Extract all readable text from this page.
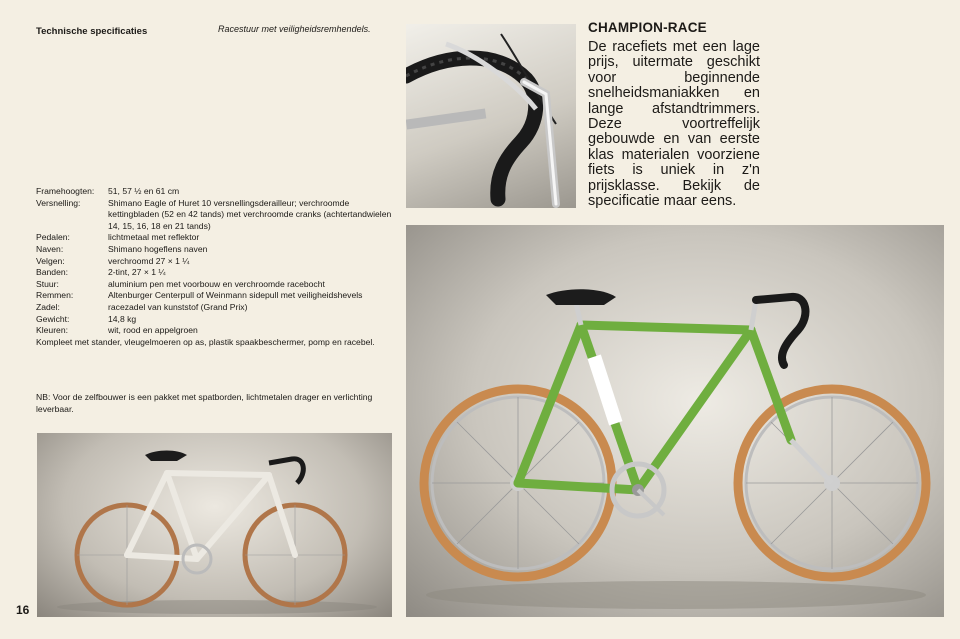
Technische specificaties	Racestuur met veiligheidsremhendels.
Framehoogten:	51, 57 ½ en 61 cm
Versnelling:	Shimano Eagle of Huret 10 versnellingsderailleur; verchroomde kettingbladen (52 en 42 tands) met verchroomde cranks (achtertandwielen 14, 15, 16, 18 en 21 tands)
Pedalen:	lichtmetaal met reflektor
Naven:	Shimano hogeflens naven
Velgen:	verchroomd 27 × 1 ¼
Banden:	2-tint, 27 × 1 ¼
Stuur:	aluminium pen met voorbouw en verchroomde racebocht
Remmen:	Altenburger Centerpull of Weinmann sidepull met veiligheidshevels
Zadel:	racezadel van kunststof (Grand Prix)
Gewicht:	14,8 kg
Kleuren:	wit, rood en appelgroen
Kompleet met stander, vleugelmoeren op as, plastik spaakbeschermer, pomp en racebel.
NB: Voor de zelfbouwer is een pakket met spatborden, lichtmetalen drager en verlichting leverbaar.
CHAMPION-RACE
De racefiets met een lage prijs, uitermate geschikt voor beginnende snelheidsmaniakken en lange afstandtrimmers. Deze voortreffelijk gebouwde en van eerste klas materialen voorziene fiets is uniek in z'n prijsklasse. Bekijk de specificatie maar eens.
16
